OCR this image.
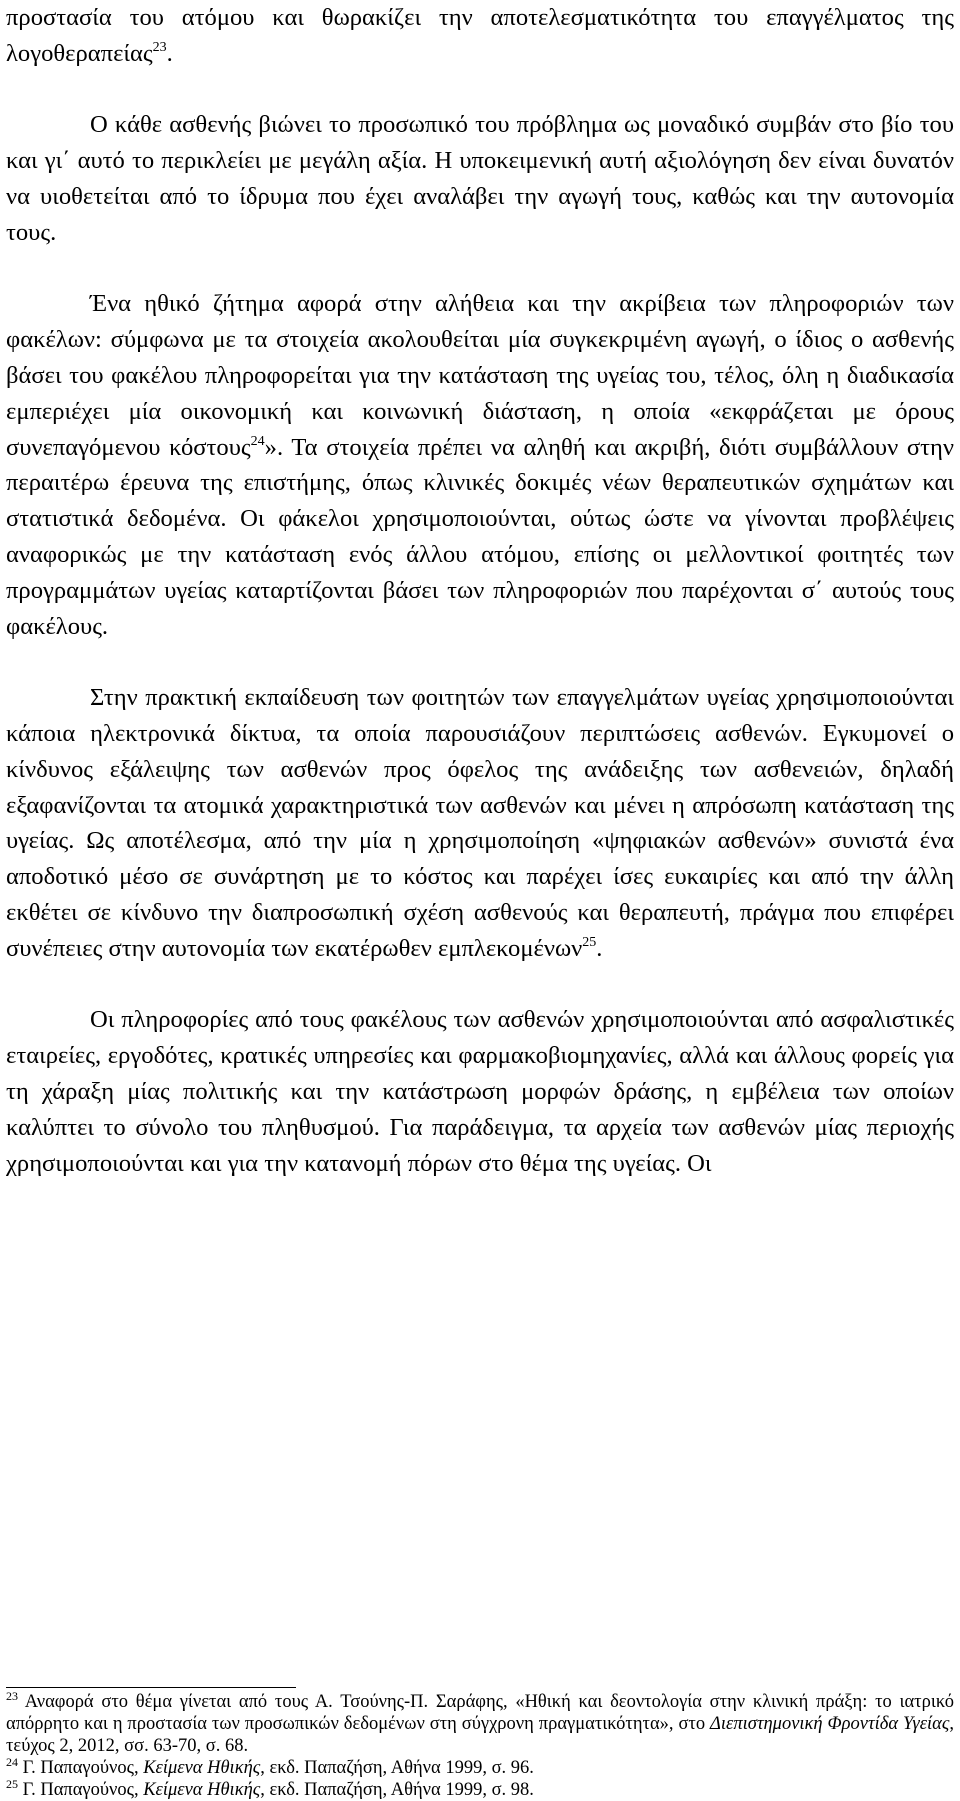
προστασία του ατόμου και θωρακίζει την αποτελεσματικότητα του επαγγέλματος της λογοθεραπείας$^{23}$.

Ο κάθε ασθενής βιώνει το προσωπικό του πρόβλημα ως μοναδικό συμβάν στο βίο του και γι΄ αυτό το περικλείει με μεγάλη αξία. Η υποκειμενική αυτή αξιολόγηση δεν είναι δυνατόν να υιοθετείται από το ίδρυμα που έχει αναλάβει την αγωγή τους, καθώς και την αυτονομία τους.

Ένα ηθικό ζήτημα αφορά στην αλήθεια και την ακρίβεια των πληροφοριών των φακέλων: σύμφωνα με τα στοιχεία ακολουθείται μία συγκεκριμένη αγωγή, ο ίδιος ο ασθενής βάσει του φακέλου πληροφορείται για την κατάσταση της υγείας του, τέλος, όλη η διαδικασία εμπεριέχει μία οικονομική και κοινωνική διάσταση, η οποία «εκφράζεται με όρους συνεπαγόμενου κόστους$^{24}$». Τα στοιχεία πρέπει να αληθή και ακριβή, διότι συμβάλλουν στην περαιτέρω έρευνα της επιστήμης, όπως κλινικές δοκιμές νέων θεραπευτικών σχημάτων και στατιστικά δεδομένα. Οι φάκελοι χρησιμοποιούνται, ούτως ώστε να γίνονται προβλέψεις αναφορικώς με την κατάσταση ενός άλλου ατόμου, επίσης οι μελλοντικοί φοιτητές των προγραμμάτων υγείας καταρτίζονται βάσει των πληροφοριών που παρέχονται σ΄ αυτούς τους φακέλους.

Στην πρακτική εκπαίδευση των φοιτητών των επαγγελμάτων υγείας χρησιμοποιούνται κάποια ηλεκτρονικά δίκτυα, τα οποία παρουσιάζουν περιπτώσεις ασθενών. Εγκυμονεί ο κίνδυνος εξάλειψης των ασθενών προς όφελος της ανάδειξης των ασθενειών, δηλαδή εξαφανίζονται τα ατομικά χαρακτηριστικά των ασθενών και μένει η απρόσωπη κατάσταση της υγείας. Ως αποτέλεσμα, από την μία η χρησιμοποίηση «ψηφιακών ασθενών» συνιστά ένα αποδοτικό μέσο σε συνάρτηση με το κόστος και παρέχει ίσες ευκαιρίες και από την άλλη εκθέτει σε κίνδυνο την διαπροσωπική σχέση ασθενούς και θεραπευτή, πράγμα που επιφέρει συνέπειες στην αυτονομία των εκατέρωθεν εμπλεκομένων$^{25}$.

Οι πληροφορίες από τους φακέλους των ασθενών χρησιμοποιούνται από ασφαλιστικές εταιρείες, εργοδότες, κρατικές υπηρεσίες και φαρμακοβιομηχανίες, αλλά και άλλους φορείς για τη χάραξη μίας πολιτικής και την κατάστρωση μορφών δράσης, η εμβέλεια των οποίων καλύπτει το σύνολο του πληθυσμού. Για παράδειγμα, τα αρχεία των ασθενών μίας περιοχής χρησιμοποιούνται και για την κατανομή πόρων στο θέμα της υγείας. Οι

$^{23}$ Αναφορά στο θέμα γίνεται από τους Α. Τσούνης-Π. Σαράφης, «Ηθική και δεοντολογία στην κλινική πράξη: το ιατρικό απόρρητο και η προστασία των προσωπικών δεδομένων στη σύγχρονη πραγματικότητα», στο Διεπιστημονική Φροντίδα Υγείας, τεύχος 2, 2012, σσ. 63-70, σ. 68.

$^{24}$ Γ. Παπαγούνος, Κείμενα Ηθικής, εκδ. Παπαζήση, Αθήνα 1999, σ. 96.

$^{25}$ Γ. Παπαγούνος, Κείμενα Ηθικής, εκδ. Παπαζήση, Αθήνα 1999, σ. 98.
